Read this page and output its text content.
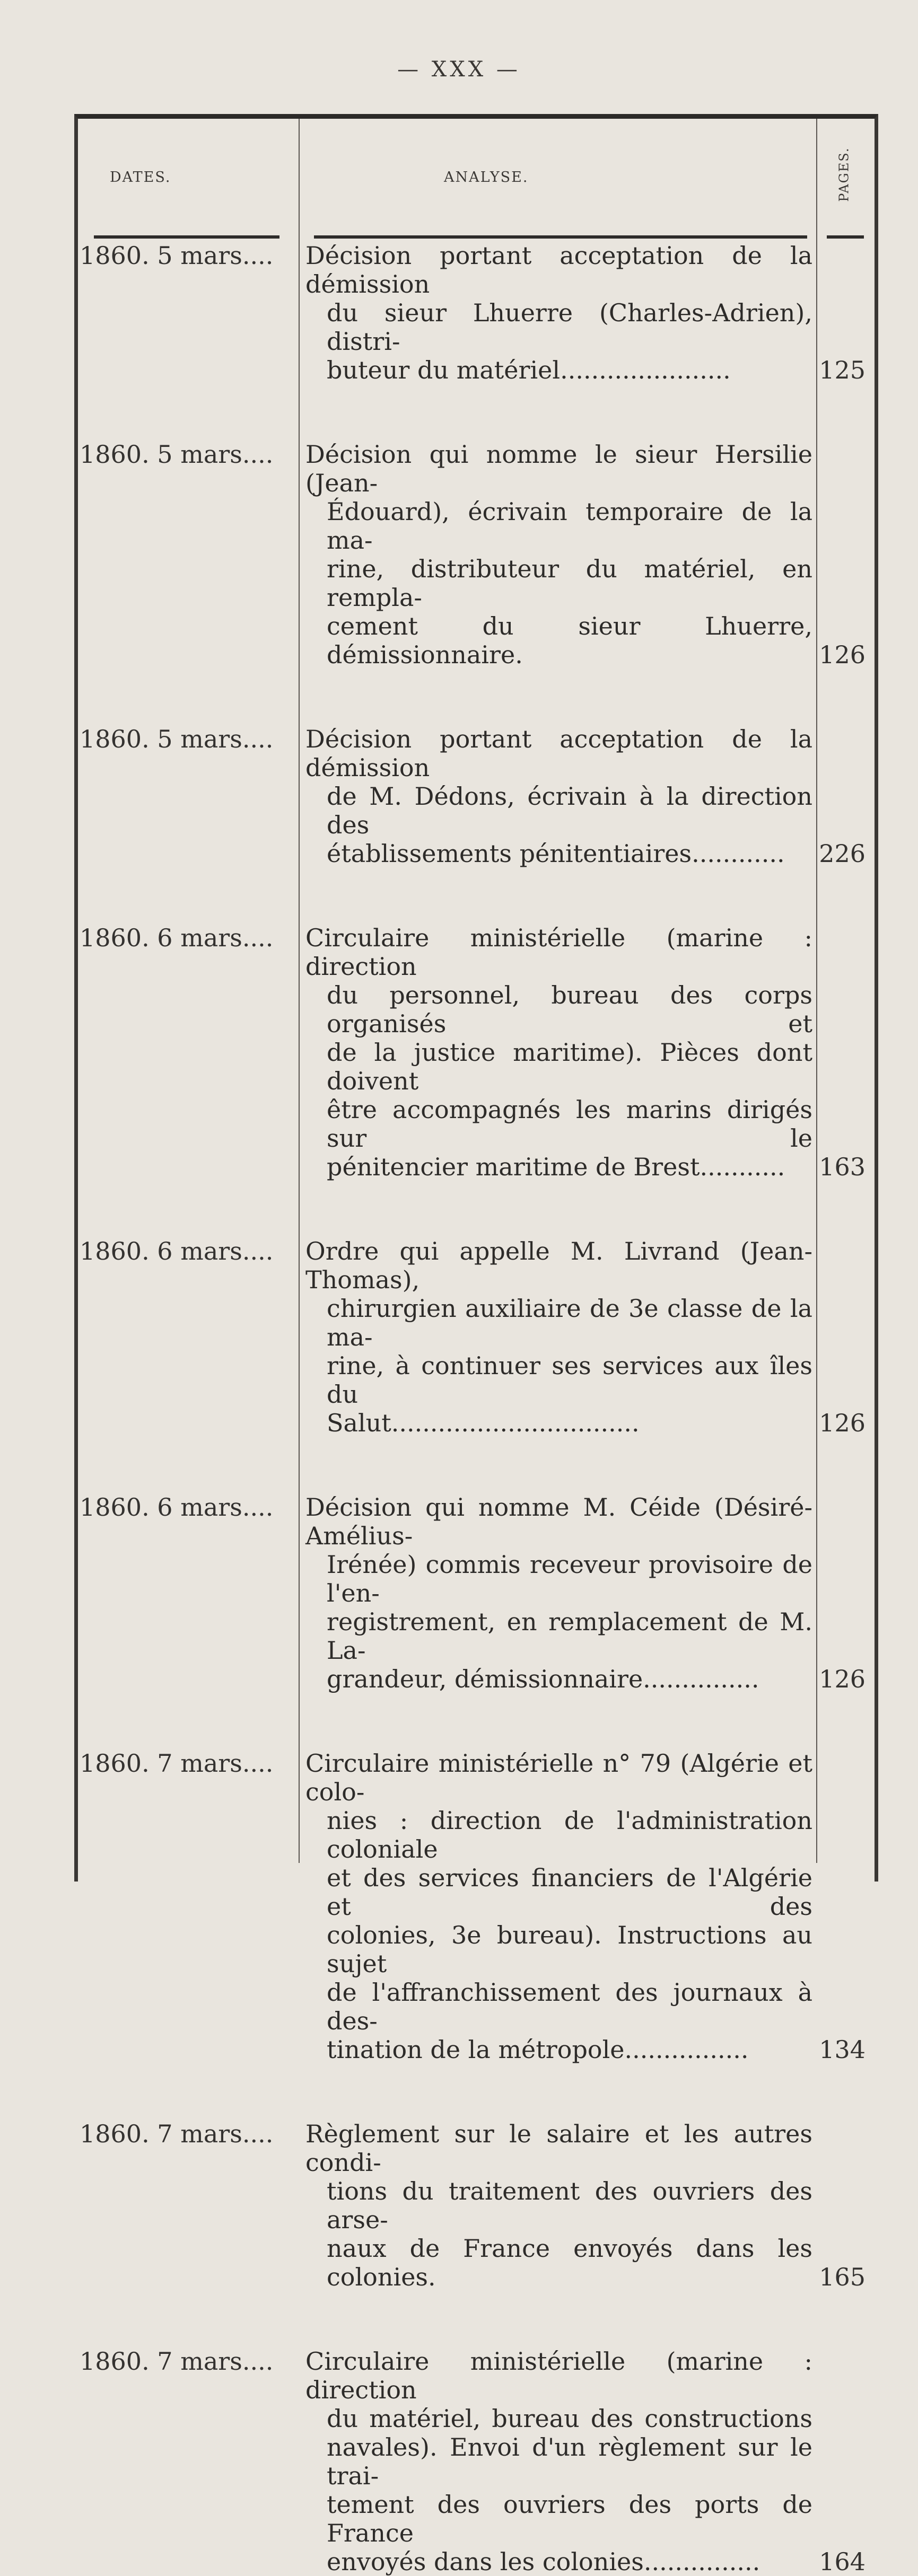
— XXX —
DATES.	ANALYSE.	PAGES.
1860. 5 mars.... Décision portant acceptation de la démission
du sieur Lhuerre (Charles-Adrien), distri-
buteur du matériel......................	125
1860. 5 mars.... Décision qui nomme le sieur Hersilie (Jean-
Édouard), écrivain temporaire de la ma-
rine, distributeur du matériel, en rempla-
cement du sieur Lhuerre, démissionnaire.	126
1860. 5 mars.... Décision portant acceptation de la démission
de M. Dédons, écrivain à la direction des
établissements pénitentiaires............	226
1860. 6 mars.... Circulaire ministérielle (marine : direction
du personnel, bureau des corps organisés et
de la justice maritime). Pièces dont doivent
être accompagnés les marins dirigés sur le
pénitencier maritime de Brest...........	163
1860. 6 mars.... Ordre qui appelle M. Livrand (Jean-Thomas),
chirurgien auxiliaire de 3e classe de la ma-
rine, à continuer ses services aux îles du
Salut................................	126
1860. 6 mars.... Décision qui nomme M. Céide (Désiré-Amélius-
Irénée) commis receveur provisoire de l'en-
registrement, en remplacement de M. La-
grandeur, démissionnaire...............	126
1860. 7 mars.... Circulaire ministérielle n° 79 (Algérie et colo-
nies : direction de l'administration coloniale
et des services financiers de l'Algérie et des
colonies, 3e bureau). Instructions au sujet
de l'affranchissement des journaux à des-
tination de la métropole................	134
1860. 7 mars.... Règlement sur le salaire et les autres condi-
tions du traitement des ouvriers des arse-
naux de France envoyés dans les colonies.	165
1860. 7 mars.... Circulaire ministérielle (marine : direction
du matériel, bureau des constructions
navales). Envoi d'un règlement sur le trai-
tement des ouvriers des ports de France
envoyés dans les colonies...............	164
